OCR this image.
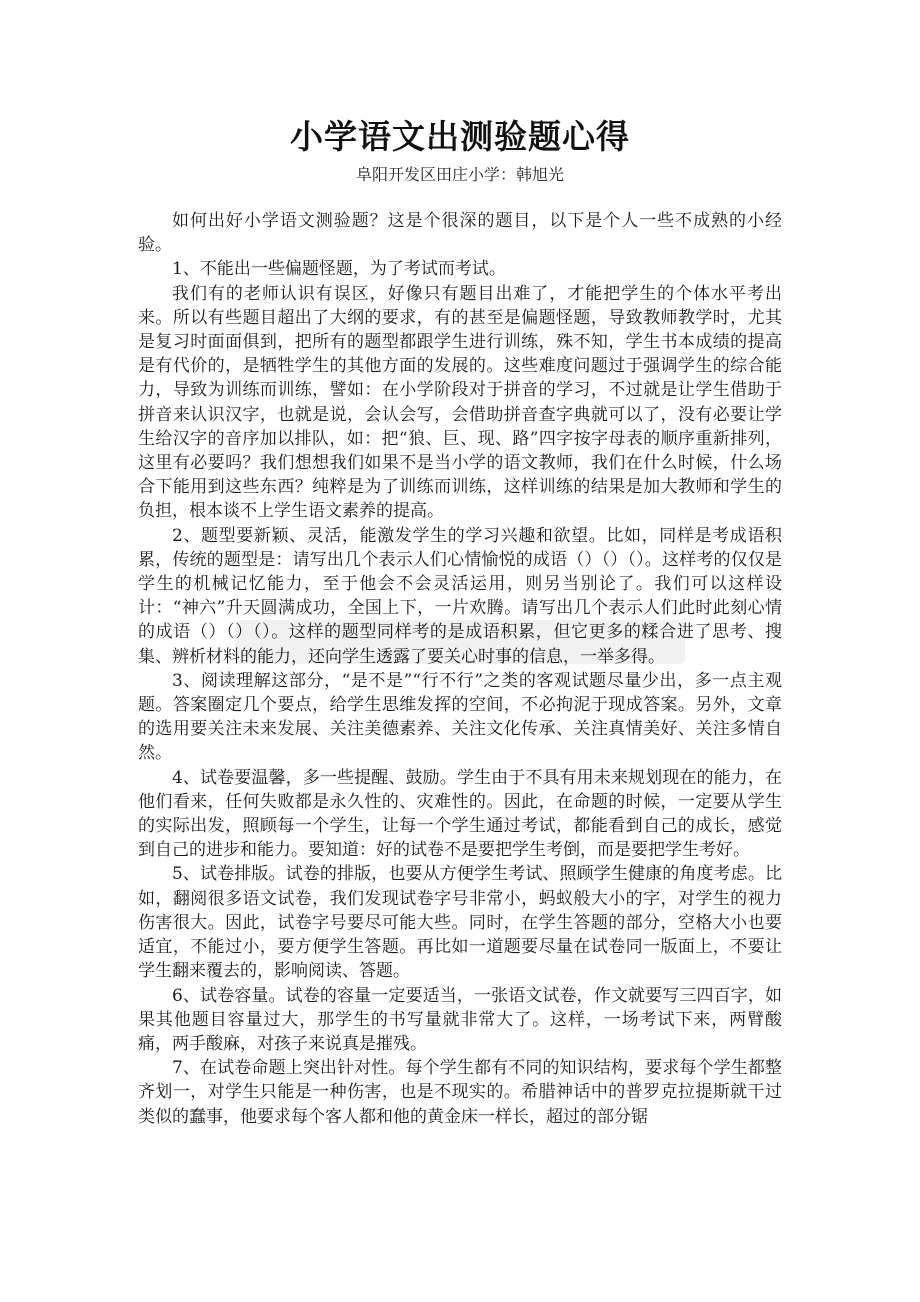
小学语文出测验题心得
阜阳开发区田庄小学：韩旭光

如何出好小学语文测验题？这是个很深的题目，以下是个人一些不成熟的小经验。

1、不能出一些偏题怪题，为了考试而考试。

我们有的老师认识有误区，好像只有题目出难了，才能把学生的个体水平考出来。所以有些题目超出了大纲的要求，有的甚至是偏题怪题，导致教师教学时，尤其是复习时面面俱到，把所有的题型都跟学生进行训练，殊不知，学生书本成绩的提高是有代价的，是牺牲学生的其他方面的发展的。这些难度问题过于强调学生的综合能力，导致为训练而训练，譬如：在小学阶段对于拼音的学习，不过就是让学生借助于拼音来认识汉字，也就是说，会认会写，会借助拼音查字典就可以了，没有必要让学生给汉字的音序加以排队，如：把“狼、巨、现、路”四字按字母表的顺序重新排列，这里有必要吗？我们想想我们如果不是当小学的语文教师，我们在什么时候，什么场合下能用到这些东西？纯粹是为了训练而训练，这样训练的结果是加大教师和学生的负担，根本谈不上学生语文素养的提高。

2、题型要新颖、灵活，能激发学生的学习兴趣和欲望。比如，同样是考成语积累，传统的题型是：请写出几个表示人们心情愉悦的成语（）（）（）。这样考的仅仅是学生的机械记忆能力，至于他会不会灵活运用，则另当别论了。我们可以这样设计：“神六”升天圆满成功，全国上下，一片欢腾。请写出几个表示人们此时此刻心情的成语（）（）（）。这样的题型同样考的是成语积累，但它更多的糅合进了思考、搜集、辨析材料的能力，还向学生透露了要关心时事的信息，一举多得。

3、阅读理解这部分，“是不是”“行不行”之类的客观试题尽量少出，多一点主观题。答案圈定几个要点，给学生思维发挥的空间，不必拘泥于现成答案。另外，文章的选用要关注未来发展、关注美德素养、关注文化传承、关注真情美好、关注多情自然。

4、试卷要温馨，多一些提醒、鼓励。学生由于不具有用未来规划现在的能力，在他们看来，任何失败都是永久性的、灾难性的。因此，在命题的时候，一定要从学生的实际出发，照顾每一个学生，让每一个学生通过考试，都能看到自己的成长，感觉到自己的进步和能力。要知道：好的试卷不是要把学生考倒，而是要把学生考好。

5、试卷排版。试卷的排版，也要从方便学生考试、照顾学生健康的角度考虑。比如，翻阅很多语文试卷，我们发现试卷字号非常小，蚂蚁般大小的字，对学生的视力伤害很大。因此，试卷字号要尽可能大些。同时，在学生答题的部分，空格大小也要适宜，不能过小，要方便学生答题。再比如一道题要尽量在试卷同一版面上，不要让学生翻来覆去的，影响阅读、答题。

6、试卷容量。试卷的容量一定要适当，一张语文试卷，作文就要写三四百字，如果其他题目容量过大，那学生的书写量就非常大了。这样，一场考试下来，两臂酸痛，两手酸麻，对孩子来说真是摧残。

7、在试卷命题上突出针对性。每个学生都有不同的知识结构，要求每个学生都整齐划一，对学生只能是一种伤害，也是不现实的。希腊神话中的普罗克拉提斯就干过类似的蠢事，他要求每个客人都和他的黄金床一样长，超过的部分锯
